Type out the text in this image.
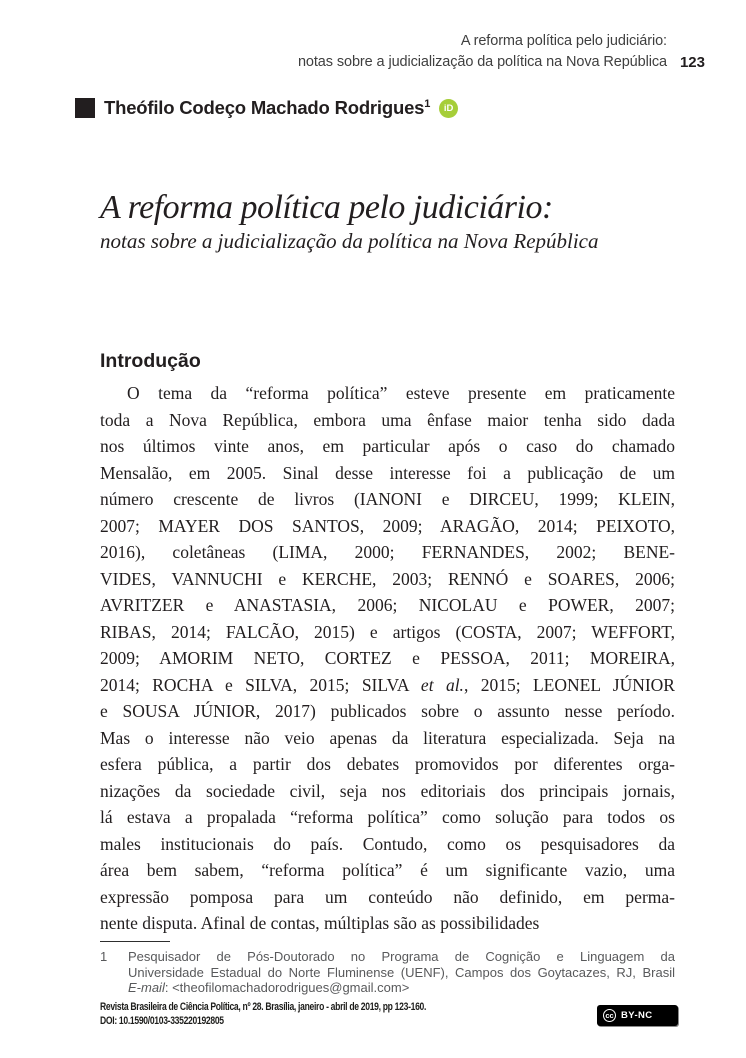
A reforma política pelo judiciário:
notas sobre a judicialização da política na Nova República 123
Theófilo Codeço Machado Rodrigues$^1$	iD
A reforma política pelo judiciário:
notas sobre a judicialização da política na Nova República
Introdução
O tema da “reforma política” esteve presente em praticamente
toda a Nova República, embora uma ênfase maior tenha sido dada
nos últimos vinte anos, em particular após o caso do chamado
Mensalão, em 2005. Sinal desse interesse foi a publicação de um
número crescente de livros (IANONI e DIRCEU, 1999; KLEIN,
2007; MAYER DOS SANTOS, 2009; ARAGÃO, 2014; PEIXOTO,
2016), coletâneas (LIMA, 2000; FERNANDES, 2002; BENE-
VIDES, VANNUCHI e KERCHE, 2003; RENNÓ e SOARES, 2006;
AVRITZER e ANASTASIA, 2006; NICOLAU e POWER, 2007;
RIBAS, 2014; FALCÃO, 2015) e artigos (COSTA, 2007; WEFFORT,
2009; AMORIM NETO, CORTEZ e PESSOA, 2011; MOREIRA,
2014; ROCHA e SILVA, 2015; SILVA et al., 2015; LEONEL JÚNIOR
e SOUSA JÚNIOR, 2017) publicados sobre o assunto nesse período.
Mas o interesse não veio apenas da literatura especializada. Seja na
esfera pública, a partir dos debates promovidos por diferentes orga-
nizações da sociedade civil, seja nos editoriais dos principais jornais,
lá estava a propalada “reforma política” como solução para todos os
males institucionais do país. Contudo, como os pesquisadores da
área bem sabem, “reforma política” é um significante vazio, uma
expressão pomposa para um conteúdo não definido, em perma-
nente disputa. Afinal de contas, múltiplas são as possibilidades
1	Pesquisador de Pós-Doutorado no Programa de Cognição e Linguagem da
Universidade Estadual do Norte Fluminense (UENF), Campos dos Goytacazes, RJ, Brasil
E-mail: <theofilomachadorodrigues@gmail.com>
Revista Brasileira de Ciência Política, nº 28. Brasília, janeiro - abril de 2019, pp 123-160.
DOI: 10.1590/0103-335220192805	cc BY-NC
